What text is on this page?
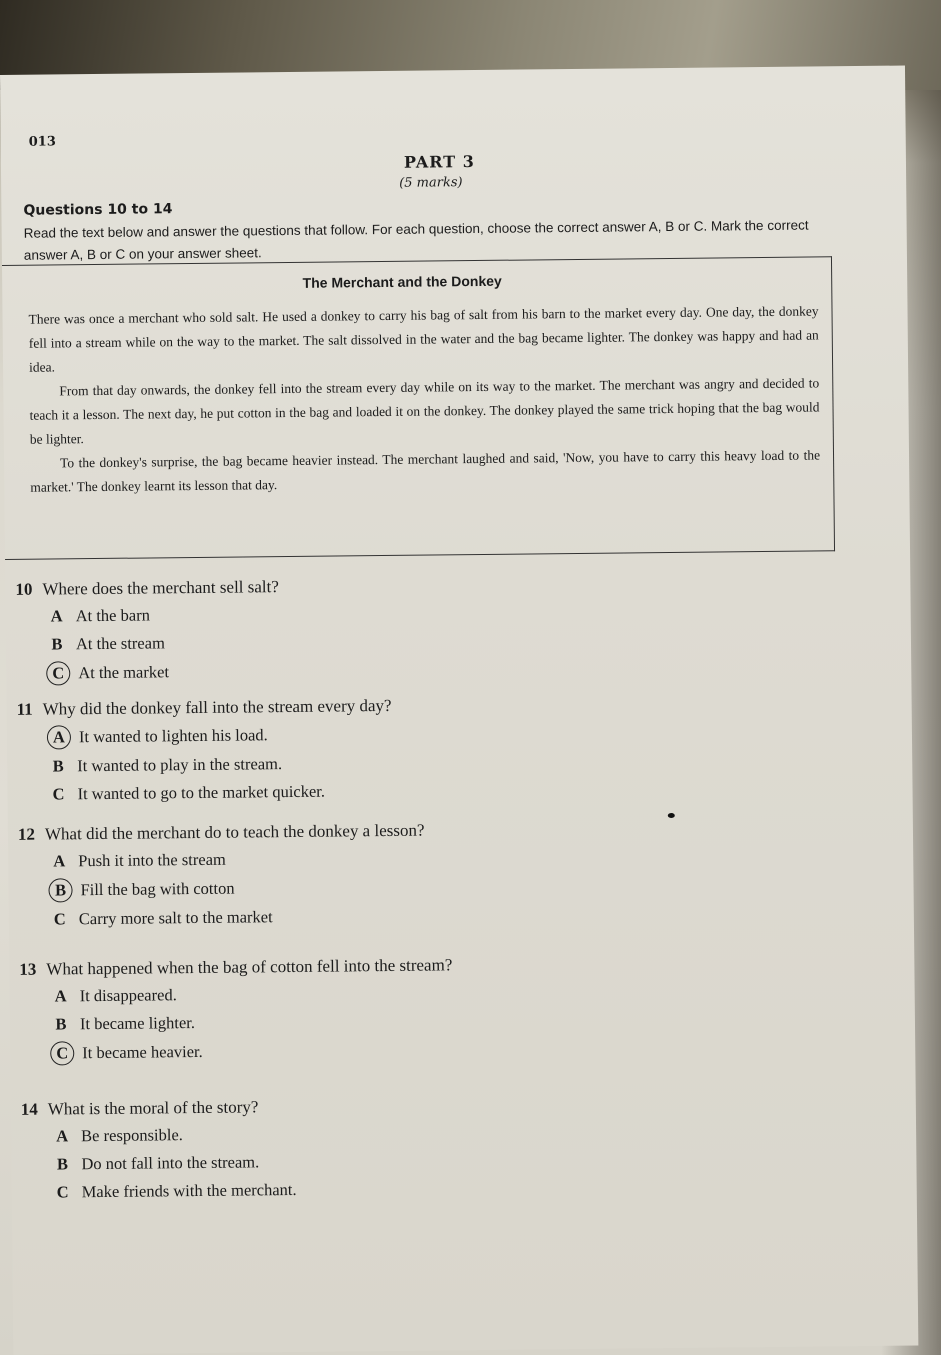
013
PART 3
(5 marks)
Questions 10 to 14
Read the text below and answer the questions that follow. For each question, choose the correct answer A, B or C. Mark the correct answer A, B or C on your answer sheet.
The Merchant and the Donkey

There was once a merchant who sold salt. He used a donkey to carry his bag of salt from his barn to the market every day. One day, the donkey fell into a stream while on the way to the market. The salt dissolved in the water and the bag became lighter. The donkey was happy and had an idea.

From that day onwards, the donkey fell into the stream every day while on its way to the market. The merchant was angry and decided to teach it a lesson. The next day, he put cotton in the bag and loaded it on the donkey. The donkey played the same trick hoping that the bag would be lighter.

To the donkey's surprise, the bag became heavier instead. The merchant laughed and said, 'Now, you have to carry this heavy load to the market.' The donkey learnt its lesson that day.

10 Where does the merchant sell salt?
A At the barn
B At the stream
C At the market
11 Why did the donkey fall into the stream every day?
A It wanted to lighten his load.
B It wanted to play in the stream.
C It wanted to go to the market quicker.
12 What did the merchant do to teach the donkey a lesson?
A Push it into the stream
B Fill the bag with cotton
C Carry more salt to the market
13 What happened when the bag of cotton fell into the stream?
A It disappeared.
B It became lighter.
C It became heavier.
14 What is the moral of the story?
A Be responsible.
B Do not fall into the stream.
C Make friends with the merchant.
